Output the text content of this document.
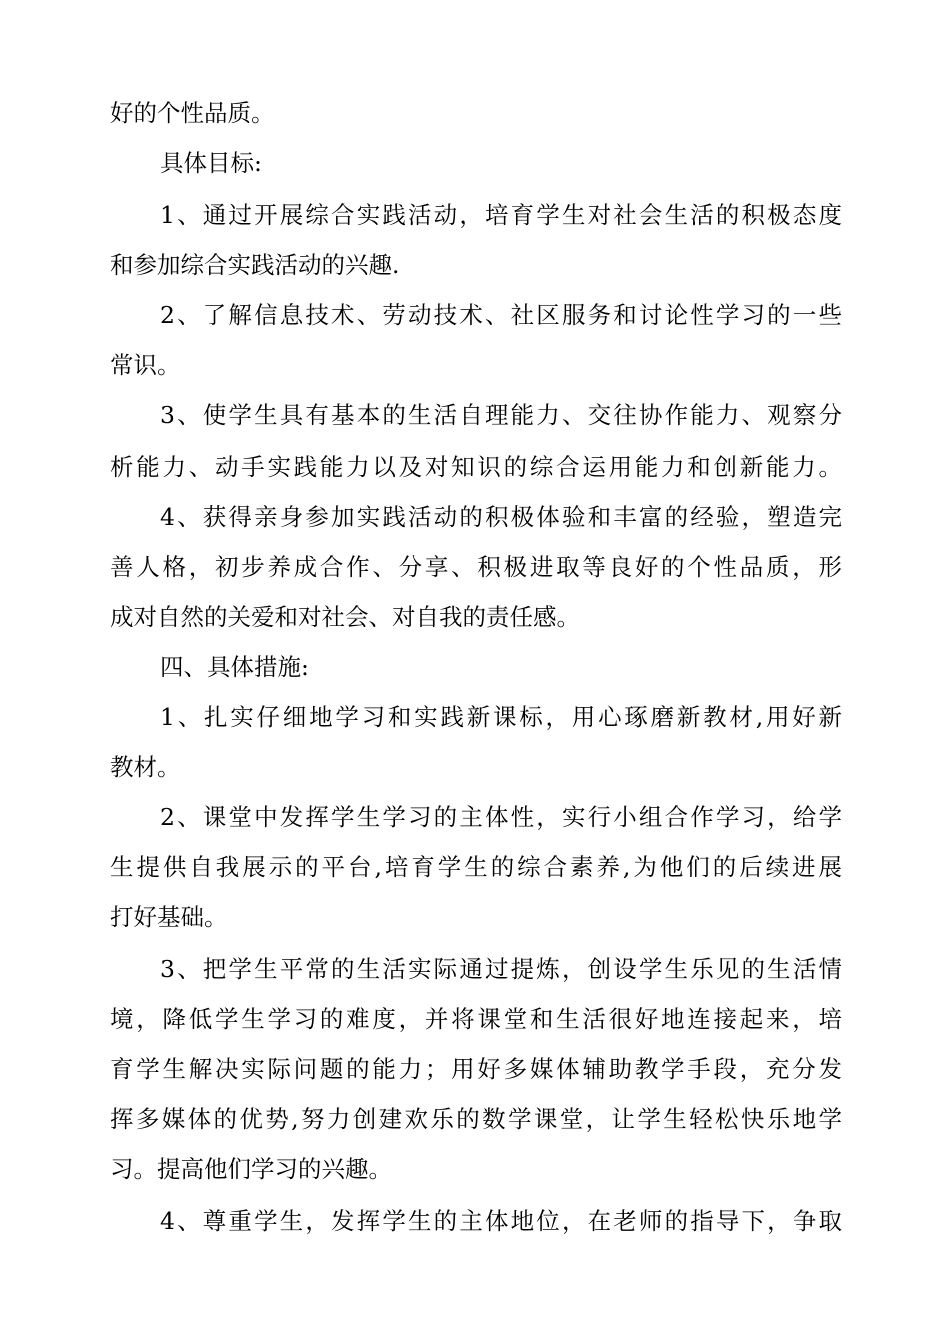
好的个性品质。
具体目标:
1、通过开展综合实践活动，培育学生对社会生活的积极态度
和参加综合实践活动的兴趣.
2、了解信息技术、劳动技术、社区服务和讨论性学习的一些
常识。
3、使学生具有基本的生活自理能力、交往协作能力、观察分
析能力、动手实践能力以及对知识的综合运用能力和创新能力。
4、获得亲身参加实践活动的积极体验和丰富的经验，塑造完
善人格，初步养成合作、分享、积极进取等良好的个性品质，形
成对自然的关爱和对社会、对自我的责任感。
四、具体措施:
1、扎实仔细地学习和实践新课标，用心琢磨新教材,用好新
教材。
2、课堂中发挥学生学习的主体性，实行小组合作学习，给学
生提供自我展示的平台,培育学生的综合素养,为他们的后续进展
打好基础。
3、把学生平常的生活实际通过提炼，创设学生乐见的生活情
境，降低学生学习的难度，并将课堂和生活很好地连接起来，培
育学生解决实际问题的能力；用好多媒体辅助教学手段，充分发
挥多媒体的优势,努力创建欢乐的数学课堂，让学生轻松快乐地学
习。提高他们学习的兴趣。
4、尊重学生，发挥学生的主体地位，在老师的指导下，争取
